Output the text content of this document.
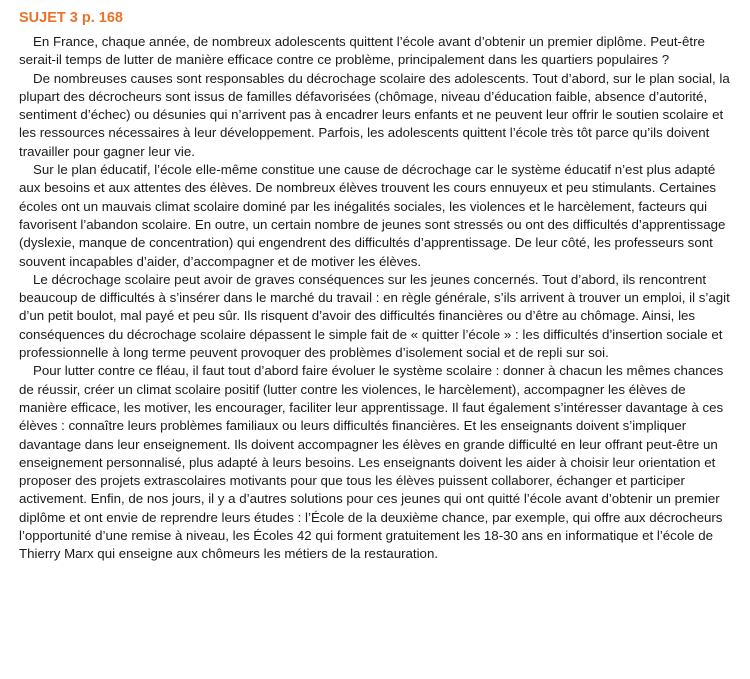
SUJET 3 p. 168

En France, chaque année, de nombreux adolescents quittent l’école avant d’obtenir un premier diplôme. Peut-être serait-il temps de lutter de manière efficace contre ce problème, principalement dans les quartiers populaires ?

De nombreuses causes sont responsables du décrochage scolaire des adolescents. Tout d’abord, sur le plan social, la plupart des décrocheurs sont issus de familles défavorisées (chômage, niveau d’éducation faible, absence d’autorité, sentiment d’échec) ou désunies qui n’arrivent pas à encadrer leurs enfants et ne peuvent leur offrir le soutien scolaire et les ressources nécessaires à leur développement. Parfois, les adolescents quittent l’école très tôt parce qu’ils doivent travailler pour gagner leur vie.

Sur le plan éducatif, l’école elle-même constitue une cause de décrochage car le système éducatif n’est plus adapté aux besoins et aux attentes des élèves. De nombreux élèves trouvent les cours ennuyeux et peu stimulants. Certaines écoles ont un mauvais climat scolaire dominé par les inégalités sociales, les violences et le harcèlement, facteurs qui favorisent l’abandon scolaire. En outre, un certain nombre de jeunes sont stressés ou ont des difficultés d’apprentissage (dyslexie, manque de concentration) qui engendrent des difficultés d’apprentissage. De leur côté, les professeurs sont souvent incapables d’aider, d’accompagner et de motiver les élèves.

Le décrochage scolaire peut avoir de graves conséquences sur les jeunes concernés. Tout d’abord, ils rencontrent beaucoup de difficultés à s’insérer dans le marché du travail : en règle générale, s’ils arrivent à trouver un emploi, il s’agit d’un petit boulot, mal payé et peu sûr. Ils risquent d’avoir des difficultés financières ou d’être au chômage. Ainsi, les conséquences du décrochage scolaire dépassent le simple fait de « quitter l’école » : les difficultés d’insertion sociale et professionnelle à long terme peuvent provoquer des problèmes d’isolement social et de repli sur soi.

Pour lutter contre ce fléau, il faut tout d’abord faire évoluer le système scolaire : donner à chacun les mêmes chances de réussir, créer un climat scolaire positif (lutter contre les violences, le harcèlement), accompagner les élèves de manière efficace, les motiver, les encourager, faciliter leur apprentissage. Il faut également s’intéresser davantage à ces élèves : connaître leurs problèmes familiaux ou leurs difficultés financières. Et les enseignants doivent s’impliquer davantage dans leur enseignement. Ils doivent accompagner les élèves en grande difficulté en leur offrant peut-être un enseignement personnalisé, plus adapté à leurs besoins. Les enseignants doivent les aider à choisir leur orientation et proposer des projets extrascolaires motivants pour que tous les élèves puissent collaborer, échanger et participer activement. Enfin, de nos jours, il y a d’autres solutions pour ces jeunes qui ont quitté l’école avant d’obtenir un premier diplôme et ont envie de reprendre leurs études : l’École de la deuxième chance, par exemple, qui offre aux décrocheurs l’opportunité d’une remise à niveau, les Écoles 42 qui forment gratuitement les 18-30 ans en informatique et l’école de Thierry Marx qui enseigne aux chômeurs les métiers de la restauration.
